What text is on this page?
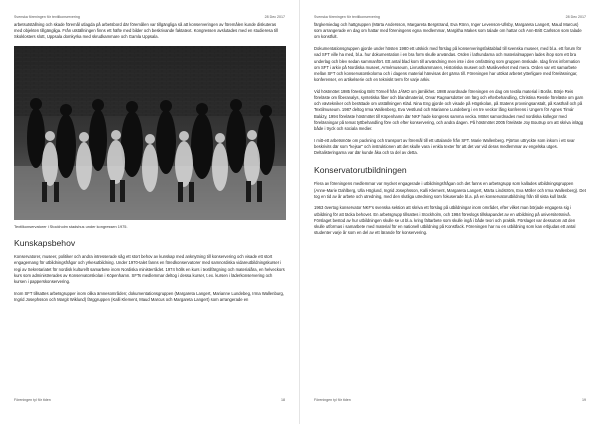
Svenska föreningen för textilkonservering	28 Dec 2017

arbetsutställning och skade föremål utlagda på arbetsbord där föremålen var tillgängliga så att konserveringen av föremålen kunde diskuteras med objekten tillgängliga. Från utställningen finns ett häfte med bilder och beskrivande faktatext. Kongressen avslutades med en studieresa till Skoklosters slott, Uppsala domkyrka med skrudkammare och Gamla Uppsala.

Textilkonservatorer i Stockholm stadshus under kongressen 1975.
Kunskapsbehov

Konservatorer, museer, politiker och andra intresserade såg ett stort behov av kunskap med anknytning till konservering och visade ett stort engagemang för utbildningsfrågor och yrkesutbildning. Under 1970-talet fanns en föredkonservatorer med samnordiska vidareutbildningskurser i regi av Sekretariatet för nordisk kulturellt samarbete inom Nordiska ministerrådet. 1974 hölls en kurs i textilfärgning och materialåra, en helveckors kurs som administrerades av Konservatorskolan i Köpenhamn. SFTs medlemmar deltog i dessa kurser, t.ex. kursen i läderkonservering och kursen i papperskonservering.

Inom SFT tillsattes arbetsgrupper inom olika ämnesområden; dokumentationsgruppen (Margareta Langert, Marianne Lundebeg, Irma Wallenburg, Ingrid Josephsson och Margit Wiklund) färggruppen (Kalli Klement, Maud Marcus och Margareta Langert) som arrangerade en

Föreningen tyl för tiden	18
Svenska föreningen för textilkonservering	28 Dec 2017

färgkemiedag och hattgruppen (Märta Andersson, Margareta Bergstrand, Eva Rönn, Inger Levenson-Ullsby, Margareta Langert, Maud Marcus) som arrangerade en dag om hattar med föreningens egna medlemmar, Margitha Makes som talade om hattar och Ann-Britt Carlsson som talade om konstfult.

Dokumentationsgruppen gjorde under hösten 1980 ett utskick med förslag på konserveringsfaktablad till svenska museer, med bl.a. ett forum för vad SFT ville ha med, bl.a. hur dokumentation i en bra form skulle användas. Orden i lathundarna och materialmappen lades ihop som ett bra underlag och blev sedan sammanfört. Ett antal blad kom till användning men inte i den omfattning som gruppen önskade. Idag finns information om SFT i arkiv på Nordiska museet, Armémuseum, Livrustkammaren, Historiska museet och Musikverket med mera. Orden var ett samarbete mellan SFT och konservatorskolorna och i dagens material hänvisas det gärna till. Föreningen har utökat arbetet ytterligare med föreläsningar, konferenser, en artikelserie och en tekniskt term för varje arkiv.

Vid höstmötet 1985 föreslog Britt Törnell från JÄMO om jämlikhet. 1988 anordnade föreningen en dag om textila material i Borås. Börje Reis föreläste om fiberanalys, syntetiska fiber och blandmaterial, Orvar Ragnarsdotter om färg och efterbehandling, Christina Ressle föreläste om garn och vävtekniker och berättade om utställningen Kläd. Nina Eng gjorde och visade på Högskolan, på Statens provningsanstalt, på Kasthall och på Textilmuseum. 1987 deltog Irma Wallenberg, Eva Vestlund och Marianne Lundeberg i en tre veckor lång konferens i Ungern för Agnes Timár Balázy, 1994 föreläste höstmötet till Köpenhamn där NKF hade kongress samma vecka. Mötet samordnades med nordiska kollegor med föreläsningar på temat tyttbehandling före och efter konservering, och andra dagen. På höstmötet 2005 föreläste Joy Boutrup om att skriva inlägg både i tryck och sociala medier.

I mitt-ett arbetsmöte om packning och transport av föremål till ett uttalande från SFT. Marie Wallenberg. Pjörton uttryckte som inkom i ett svar beskrivits där som ”kejsar” och instruktionen att det skulle vara i enkla texter för att det var vid deras medlemmar av engelska utges. Deltalisteringarna var där kunde åka och ta del av detta.

Konservatorutbildningen

Flera av föreningens medlemmar var mycket engagerade i utbildningsfrågan och det fanns en arbetsgrupp som kallades utbildningsgruppen (Anne-Marie Dahlberg, Ulla Höglund, Ingrid Josephsson, Kalli Klement, Margareta Langert, Märta Lindström, Eva Möller och Irma Wallenberg). Det tog en tid av år arbete och utredning, med den slutliga utredning som fokuserade bl.a. på en konservatorutbildning från till sista kull läsår.

1963 övertog konservator NKF's svenska sektion att skriva ett förslag på utbildningar inom området, efter vilket man började engagera sig i utbildning för att täcka behovet. En arbetsgrupp tillsattes i Stockholm, och 1984 föreslogs tillskapandet av en utbildning på universitetsnivå. Förslaget bestod av hur utbildningen skulle se ut bl.a. kring fältarbete som skulle ingå i både teori och praktik. Förslaget var dessutom att den skulle utformas i samarbete med material för en nationell utbildning på Konstfack. Föreningen har nu en utbildning som kan erbjudas ett antal studenter varje år som en del av ett lärande för konservering.

Föreningen tyl för tiden	19
